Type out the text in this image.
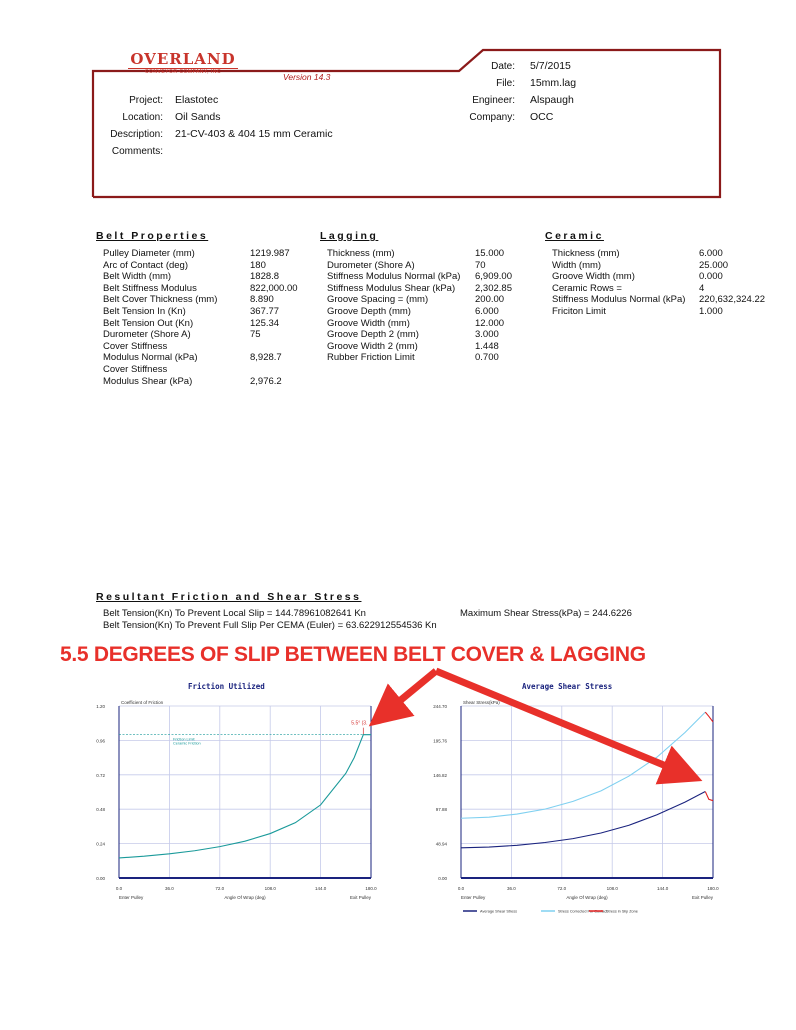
OVERLAND
CONVEYOR COMPANY, INC	Version 14.3
Project: Elastotec
Location: Oil Sands
Description: 21-CV-403 & 404 15 mm Ceramic
Comments:
Date: 5/7/2015
File: 15mm.lag
Engineer: Alspaugh
Company: OCC
Belt Properties
Pulley Diameter (mm)	1219.987
Arc of Contact (deg)	180
Belt Width (mm)	1828.8
Belt Stiffness Modulus	822,000.00
Belt Cover Thickness (mm)	8.890
Belt Tension In (Kn)	367.77
Belt Tension Out (Kn)	125.34
Durometer (Shore A)	75
Cover Stiffness
Modulus Normal (kPa)	8,928.7
Cover Stiffness
Modulus Shear (kPa)	2,976.2
Lagging
Thickness (mm)	15.000
Durometer (Shore A)	70
Stiffness Modulus Normal (kPa) 6,909.00
Stiffness Modulus Shear (kPa) 2,302.85
Groove Spacing = (mm)	200.00
Groove Depth (mm)	6.000
Groove Width (mm)	12.000
Groove Depth 2 (mm)	3.000
Groove Width 2 (mm)	1.448
Rubber Friction Limit	0.700
Ceramic
Thickness (mm)	6.000
Width (mm)	25.000
Groove Width (mm)	0.000
Ceramic Rows =	4
Stiffness Modulus Normal (kPa) 220,632,324.22
Friciton Limit	1.000
Resultant Friction and Shear Stress
Belt Tension(Kn) To Prevent Local Slip = 144.78961082641 Kn	Maximum Shear Stress(kPa) = 244.6226
Belt Tension(Kn) To Prevent Full Slip Per CEMA (Euler) = 63.622912554536 Kn
5.5 DEGREES OF SLIP BETWEEN BELT COVER & LAGGING
Friction Utilized	Average Shear Stress
0.0	36.0	72.0	108.0	144.0	180.0
0.00
0.24
0.48
0.72
0.96
1.20
Coefficient of Friction
Angle Of Wrap (deg)
Enter Pulley	Exit Pulley
Friction Limit
Ceramic Friction
5.5° (3.
0.0	36.0	72.0	108.0	144.0	180.0
0.00
48.94
97.88
146.82
195.76
244.70
Shear Stress(kPa)
Angle Of Wrap (deg)
Enter Pulley	Exit Pulley
Average Shear Stress	Stress Corrected For Contact
Stress in Slip Zone
